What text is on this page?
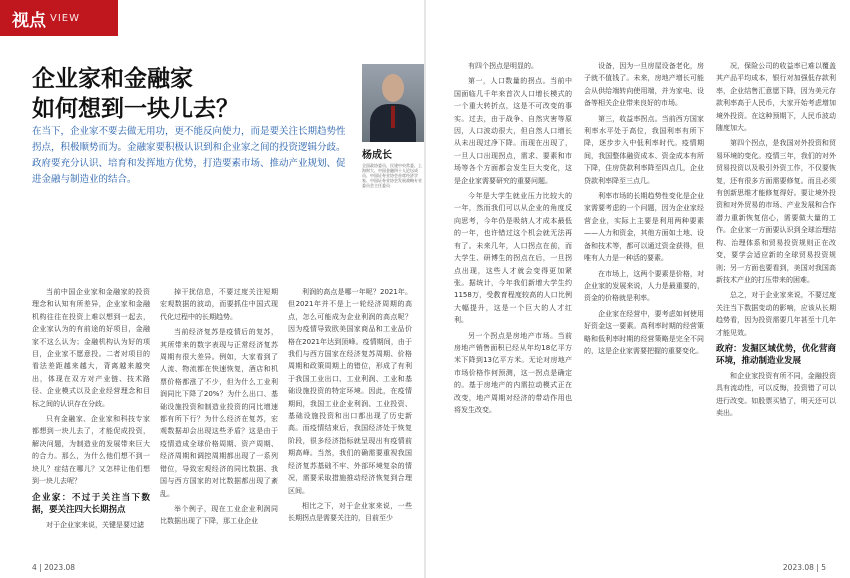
视点 VIEW
企业家和金融家
如何想到一块儿去？
杨成长
全国政协委员、民建中央常委、上海财大、中国金融四十人论坛成员、中国证券业协会首席经济学家、中国证券业协会发展战略专业委员会主任委员
在当下，企业家不要去做无用功，更不能反向使力，而是要关注长期趋势性拐点，积极顺势而为。金融家要积极认识到和企业家之间的投资逻辑分歧。政府要充分认识、培育和发挥地方优势，打造要素市场、推动产业规划、促进金融与制造业的结合。

当前中国企业家和金融家的投资理念和认知有所差异，企业家和金融机构往往在投资上难以想到一起去，企业家认为的有前途的好项目，金融家不这么认为；金融机构认为好的项目，企业家不愿意投。二者对项目的看法差距越来越大，背离越来越突出，体现在双方对产业链、技术路径、企业模式以及企业经营理念和目标之间的认识存在分歧。

只有金融家、企业家和科技专家都想到一块儿去了，才能促成投资，解决问题，为制造业的发展带来巨大的合力。那么，为什么他们想不到一块儿？症结在哪儿？又怎样让他们想到一块儿去呢？

企业家：不过于关注当下数据，要关注四大长期拐点

对于企业家来说，关键是要过滤

掉干扰信息，不要过度关注短期宏观数据的波动，而要抓住中国式现代化过程中的长期趋势。

当前经济复苏是疫情后的复苏，其所带来的数字表现与正常经济复苏周期有很大差异。例如，大家看到了人流、物流都在快速恢复，酒店和机票价格都涨了不少，但为什么工业利润同比下降了20%？为什么出口、基础设施投资和制造业投资的同比增速都有所下行？为什么经济在复苏，宏观数据却会出现这些矛盾？这是由于疫情造成全球价格周期、资产周期、经济周期和调控周期都出现了一系列错位，导致宏观经济的同比数据、我国与西方国家的对比数据都出现了紊乱。

举个例子，现在工业企业利润同比数据出现了下降，那工业企业

利润的高点是哪一年呢？2021年。但2021年并不是上一轮经济周期的高点，怎么可能成为企业利润的高点呢？因为疫情导致欧美国家商品和工业品价格在2021年达到顶峰。疫情期间，由于我们与西方国家在经济复苏周期、价格周期和政策周期上的错位，形成了有利于我国工业出口、工业利润、工业和基础设施投资的特定环境。因此，在疫情期间，我国工业企业利润、工业投资、基础设施投资和出口都出现了历史新高。而疫情结束后，我国经济处于恢复阶段，很多经济指标就呈现出有疫情前期高峰。当然，我们的确需要重视我国经济复苏基础不牢、外部环境复杂的情况，需要采取措施推动经济恢复到合理区间。

相比之下，对于企业家来说，一些长期拐点是需要关注的，目前至少

4 | 2023.08

有四个拐点是明显的。

第一，人口数量的拐点。当前中国面临几千年来首次人口增长模式的一个重大转折点，这是不可改变的事实。过去，由于战争、自然灾害等原因，人口波动很大，但自然人口增长从未出现过净下降。而现在出现了，一旦人口出现拐点，需求、要素和市场等各个方面都会发生巨大变化，这是企业家需要研究的重要问题。

今年是大学生就业压力比较大的一年，然而我们可以从企业的角度反向思考，今年仍是吸纳人才成本最低的一年，也许错过这个机会就无法再有了。未来几年，人口拐点在前，而大学生、研博生的拐点在后，一旦拐点出现，这些人才就会变得更加紧张。据统计，今年我们新增大学生约1158万，受教育程度较高的人口比例大幅提升，这是一个巨大的人才红利。

另一个拐点是房地产市场。当前房地产销售面积已经从年均18亿平方米下降到13亿平方米。无论对房地产市场价格作何预测，这一拐点是确定的。基于房地产的内需拉动模式正在改变，地产周期对经济的带动作用也将发生改变。

设备，因为一旦房屋设备老化，房子就不值钱了。未来，房地产增长可能会从供给端转向使用端，并为家电、设备等相关企业带来良好的市场。

第三，收益率拐点。当前西方国家利率水平处于高位，我国利率有所下降，逐步步入中低利率时代。疫情期间，我国整体融资成本、资金成本有所下降，住房贷款利率降至四点几，企业贷款利率降至三点几。

利率市场的长期趋势性变化是企业家需要考虑的一个问题，因为企业家经营企业，实际上主要是利用两种要素——人力和资金，其他方面如土地、设备和技术等，都可以通过资金获得，但唯有人力是一种活的要素。

在市场上，这两个要素是价格，对企业家的发展来说，人力是最重要的，资金的价格就是利率。

企业家在经营中，要考虑如何使用好资金这一要素。高利率时期的经营策略和低利率时期的经营策略是完全不同的，这是企业家需要把握的重要变化。

况，保险公司的收益率已难以覆盖其产品平均成本，银行对加强低存款利率，企业结售汇意愿下降，因为美元存款利率高于人民币，大家开始考虑增加境外投资。在这种预期下，人民币波动随度加大。

第四个拐点，是我国对外投资和贸易环境的变化。疫情三年，我们的对外贸易投资以及吸引外资工作，不仅要恢复，还有很多方面需要修复。而且必须有创新思维才能修复得好。要让境外投资和对外贸易的市场、产业发展和合作潜力重新恢复信心，需要做大量的工作。企业家一方面要认识到全球治理结构、治理体系和贸易投资规则正在改变，要学会适应新的全球贸易投资规则；另一方面也要看到，美国对我国高新技术产业的打压带来的困难。

总之，对于企业家来说，不要过度关注当下数据变动的影响，应该从长期趋势看，因为投资需要几年甚至十几年才能见效。

政府：发掘区域优势，优化营商环境，推动制造业发展

和企业家投资有所不同，金融投资具有流动性，可以反悔，投资错了可以进行改变。如股票买错了，明天还可以卖出。

2023.08 | 5
